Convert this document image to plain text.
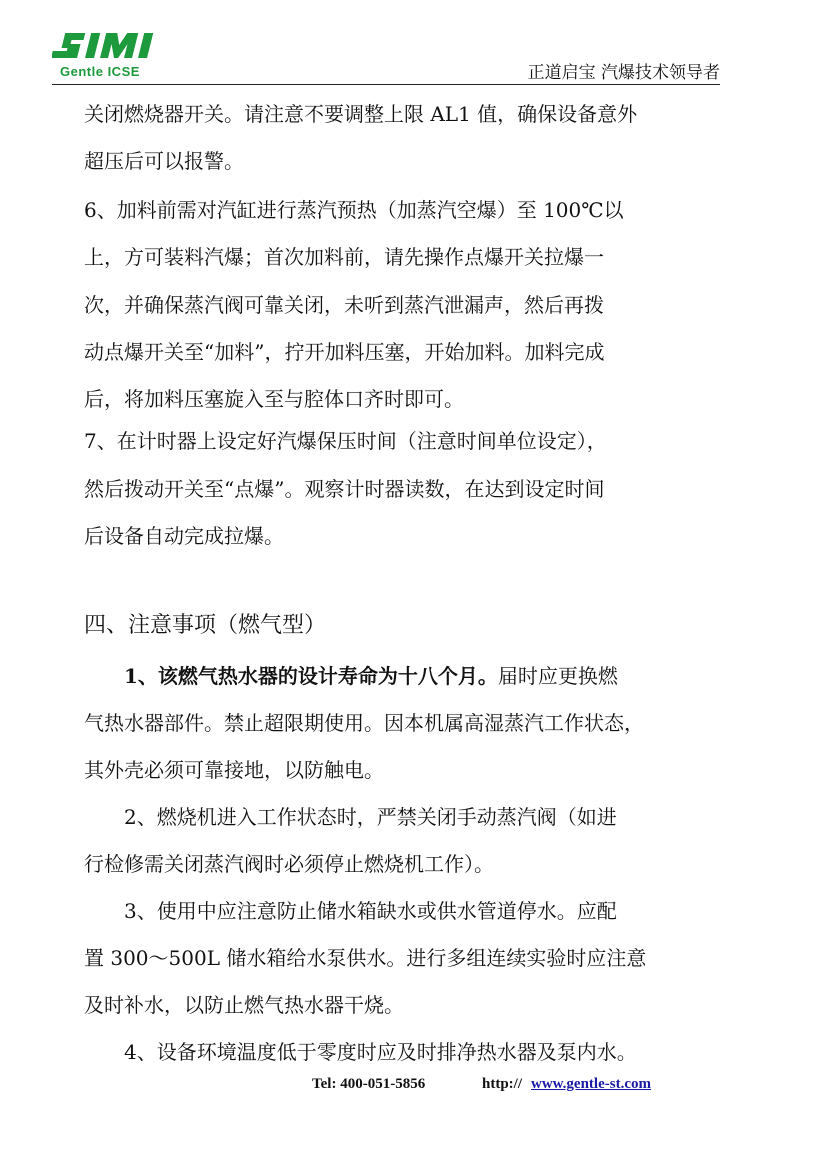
Gentle ICSE	正道启宝 汽爆技术领导者
关闭燃烧器开关。请注意不要调整上限 AL1 值，确保设备意外
超压后可以报警。
6、加料前需对汽缸进行蒸汽预热（加蒸汽空爆）至 100℃以
上，方可装料汽爆；首次加料前，请先操作点爆开关拉爆一
次，并确保蒸汽阀可靠关闭，未听到蒸汽泄漏声，然后再拨
动点爆开关至“加料”，拧开加料压塞，开始加料。加料完成
后，将加料压塞旋入至与腔体口齐时即可。
7、在计时器上设定好汽爆保压时间（注意时间单位设定），
然后拨动开关至“点爆”。观察计时器读数，在达到设定时间
后设备自动完成拉爆。
四、注意事项（燃气型）
　　1、该燃气热水器的设计寿命为十八个月。届时应更换燃
气热水器部件。禁止超限期使用。因本机属高湿蒸汽工作状态，
其外壳必须可靠接地，以防触电。
　　2、燃烧机进入工作状态时，严禁关闭手动蒸汽阀（如进
行检修需关闭蒸汽阀时必须停止燃烧机工作）。
　　3、使用中应注意防止储水箱缺水或供水管道停水。应配
置 300～500L 储水箱给水泵供水。进行多组连续实验时应注意
及时补水，以防止燃气热水器干烧。
　　4、设备环境温度低于零度时应及时排净热水器及泵内水。
Tel: 400-051-5856	http:// www.gentle-st.com
